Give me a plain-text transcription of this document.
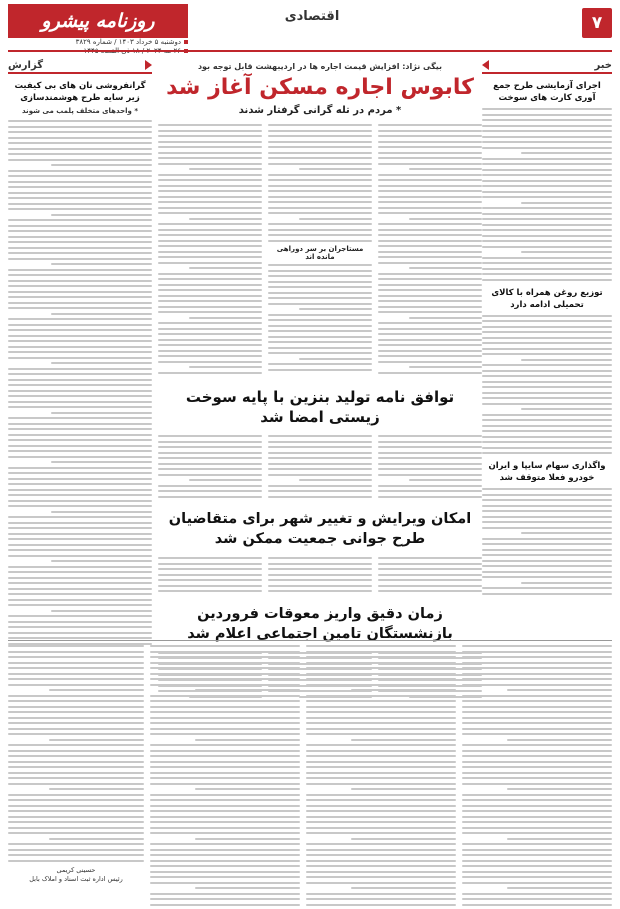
۷
اقتصادی
روزنامه پیشرو
دوشنبه ۵ خرداد ۱۴۰۳ / شماره ۳۸۲۹
خبر
اجرای آزمایشی طرح جمع آوری کارت های سوخت
توزیع روغن همراه با کالای تحمیلی ادامه دارد
واگذاری سهام سایپا و ایران خودرو فعلا متوقف شد
گزارش
گرانفروشی نان های بی کیفیت زیر سایه طرح هوشمندسازی
* واحدهای متخلف پلمب می شوند
بیگی نژاد: افزایش قیمت اجاره ها در اردیبهشت قابل توجه بود
کابوس اجاره مسکن آغاز شد
* مردم در تله گرانی گرفتار شدند
مستاجران بر سر دوراهی مانده اند
توافق نامه تولید بنزین با پایه سوخت زیستی امضا شد
امکان ویرایش و تغییر شهر برای متقاضیان طرح جوانی جمعیت ممکن شد
زمان دقیق واریز معوقات فروردین بازنشستگان تامین اجتماعی اعلام شد
حسینی کریمی
رئیس اداره ثبت اسناد و املاک بابل
